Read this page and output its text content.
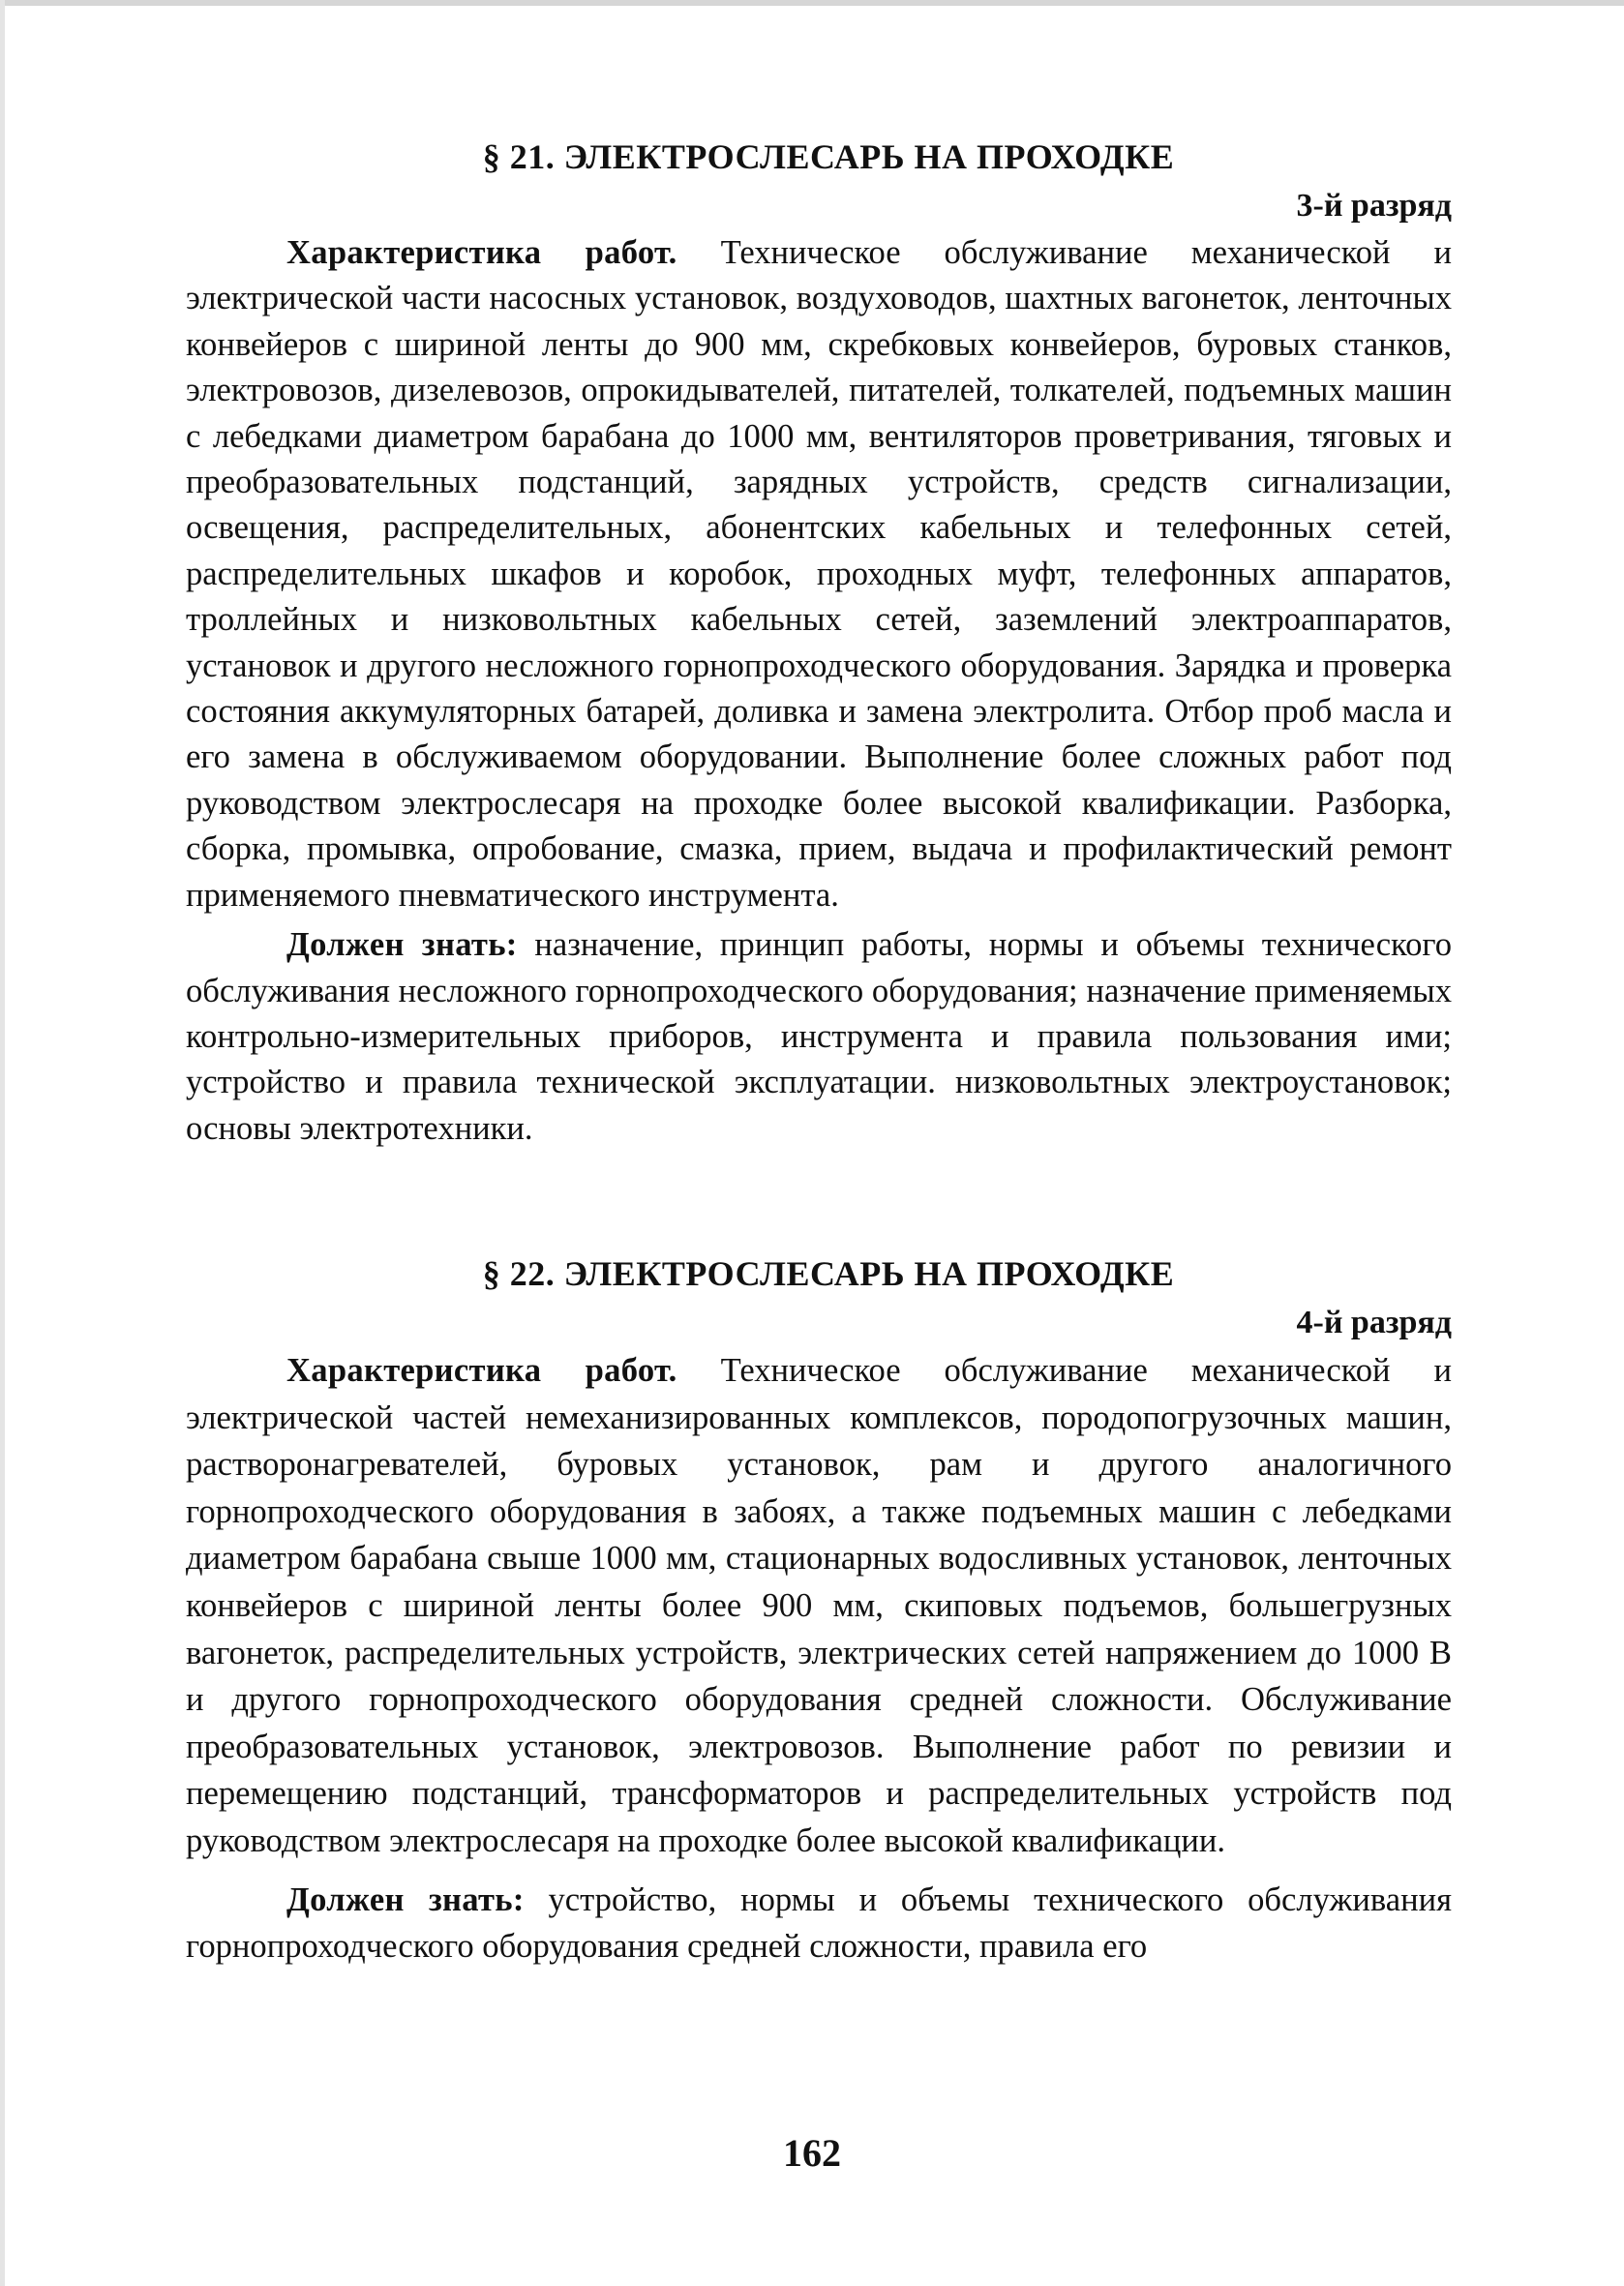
§ 21. ЭЛЕКТРОСЛЕСАРЬ НА ПРОХОДКЕ

3-й разряд

Характеристика работ. Техническое обслуживание механической и электрической части насосных установок, воздуховодов, шахтных вагонеток, ленточных конвейеров с шириной ленты до 900 мм, скребковых конвейеров, буровых станков, электровозов, дизелевозов, опрокидывателей, питателей, толкателей, подъемных машин с лебедками диаметром барабана до 1000 мм, вентиляторов проветривания, тяговых и преобразовательных подстанций, зарядных устройств, средств сигнализации, освещения, распределительных, абонентских кабельных и телефонных сетей, распределительных шкафов и коробок, проходных муфт, телефонных аппаратов, троллейных и низковольтных кабельных сетей, заземлений электроаппаратов, установок и другого несложного горнопроходческого оборудования. Зарядка и проверка состояния аккумуляторных батарей, доливка и замена электролита. Отбор проб масла и его замена в обслуживаемом оборудовании. Выполнение более сложных работ под руководством электрослесаря на проходке более высокой квалификации. Разборка, сборка, промывка, опробование, смазка, прием, выдача и профилактический ремонт применяемого пневматического инструмента.

Должен знать: назначение, принцип работы, нормы и объемы технического обслуживания несложного горнопроходческого оборудования; назначение применяемых контрольно-измерительных приборов, инструмента и правила пользования ими; устройство и правила технической эксплуатации. низковольтных электроустановок; основы электротехники.

§ 22. ЭЛЕКТРОСЛЕСАРЬ НА ПРОХОДКЕ

4-й разряд

Характеристика работ. Техническое обслуживание механической и электрической частей немеханизированных комплексов, породопогрузочных машин, растворонагревателей, буровых установок, рам и другого аналогичного горнопроходческого оборудования в забоях, а также подъемных машин с лебедками диаметром барабана свыше 1000 мм, стационарных водосливных установок, ленточных конвейеров с шириной ленты более 900 мм, скиповых подъемов, большегрузных вагонеток, распределительных устройств, электрических сетей напряжением до 1000 В и другого горнопроходческого оборудования средней сложности. Обслуживание преобразовательных установок, электровозов. Выполнение работ по ревизии и перемещению подстанций, трансформаторов и распределительных устройств под руководством электрослесаря на проходке более высокой квалификации.

Должен знать: устройство, нормы и объемы технического обслуживания горнопроходческого оборудования средней сложности, правила его

162
